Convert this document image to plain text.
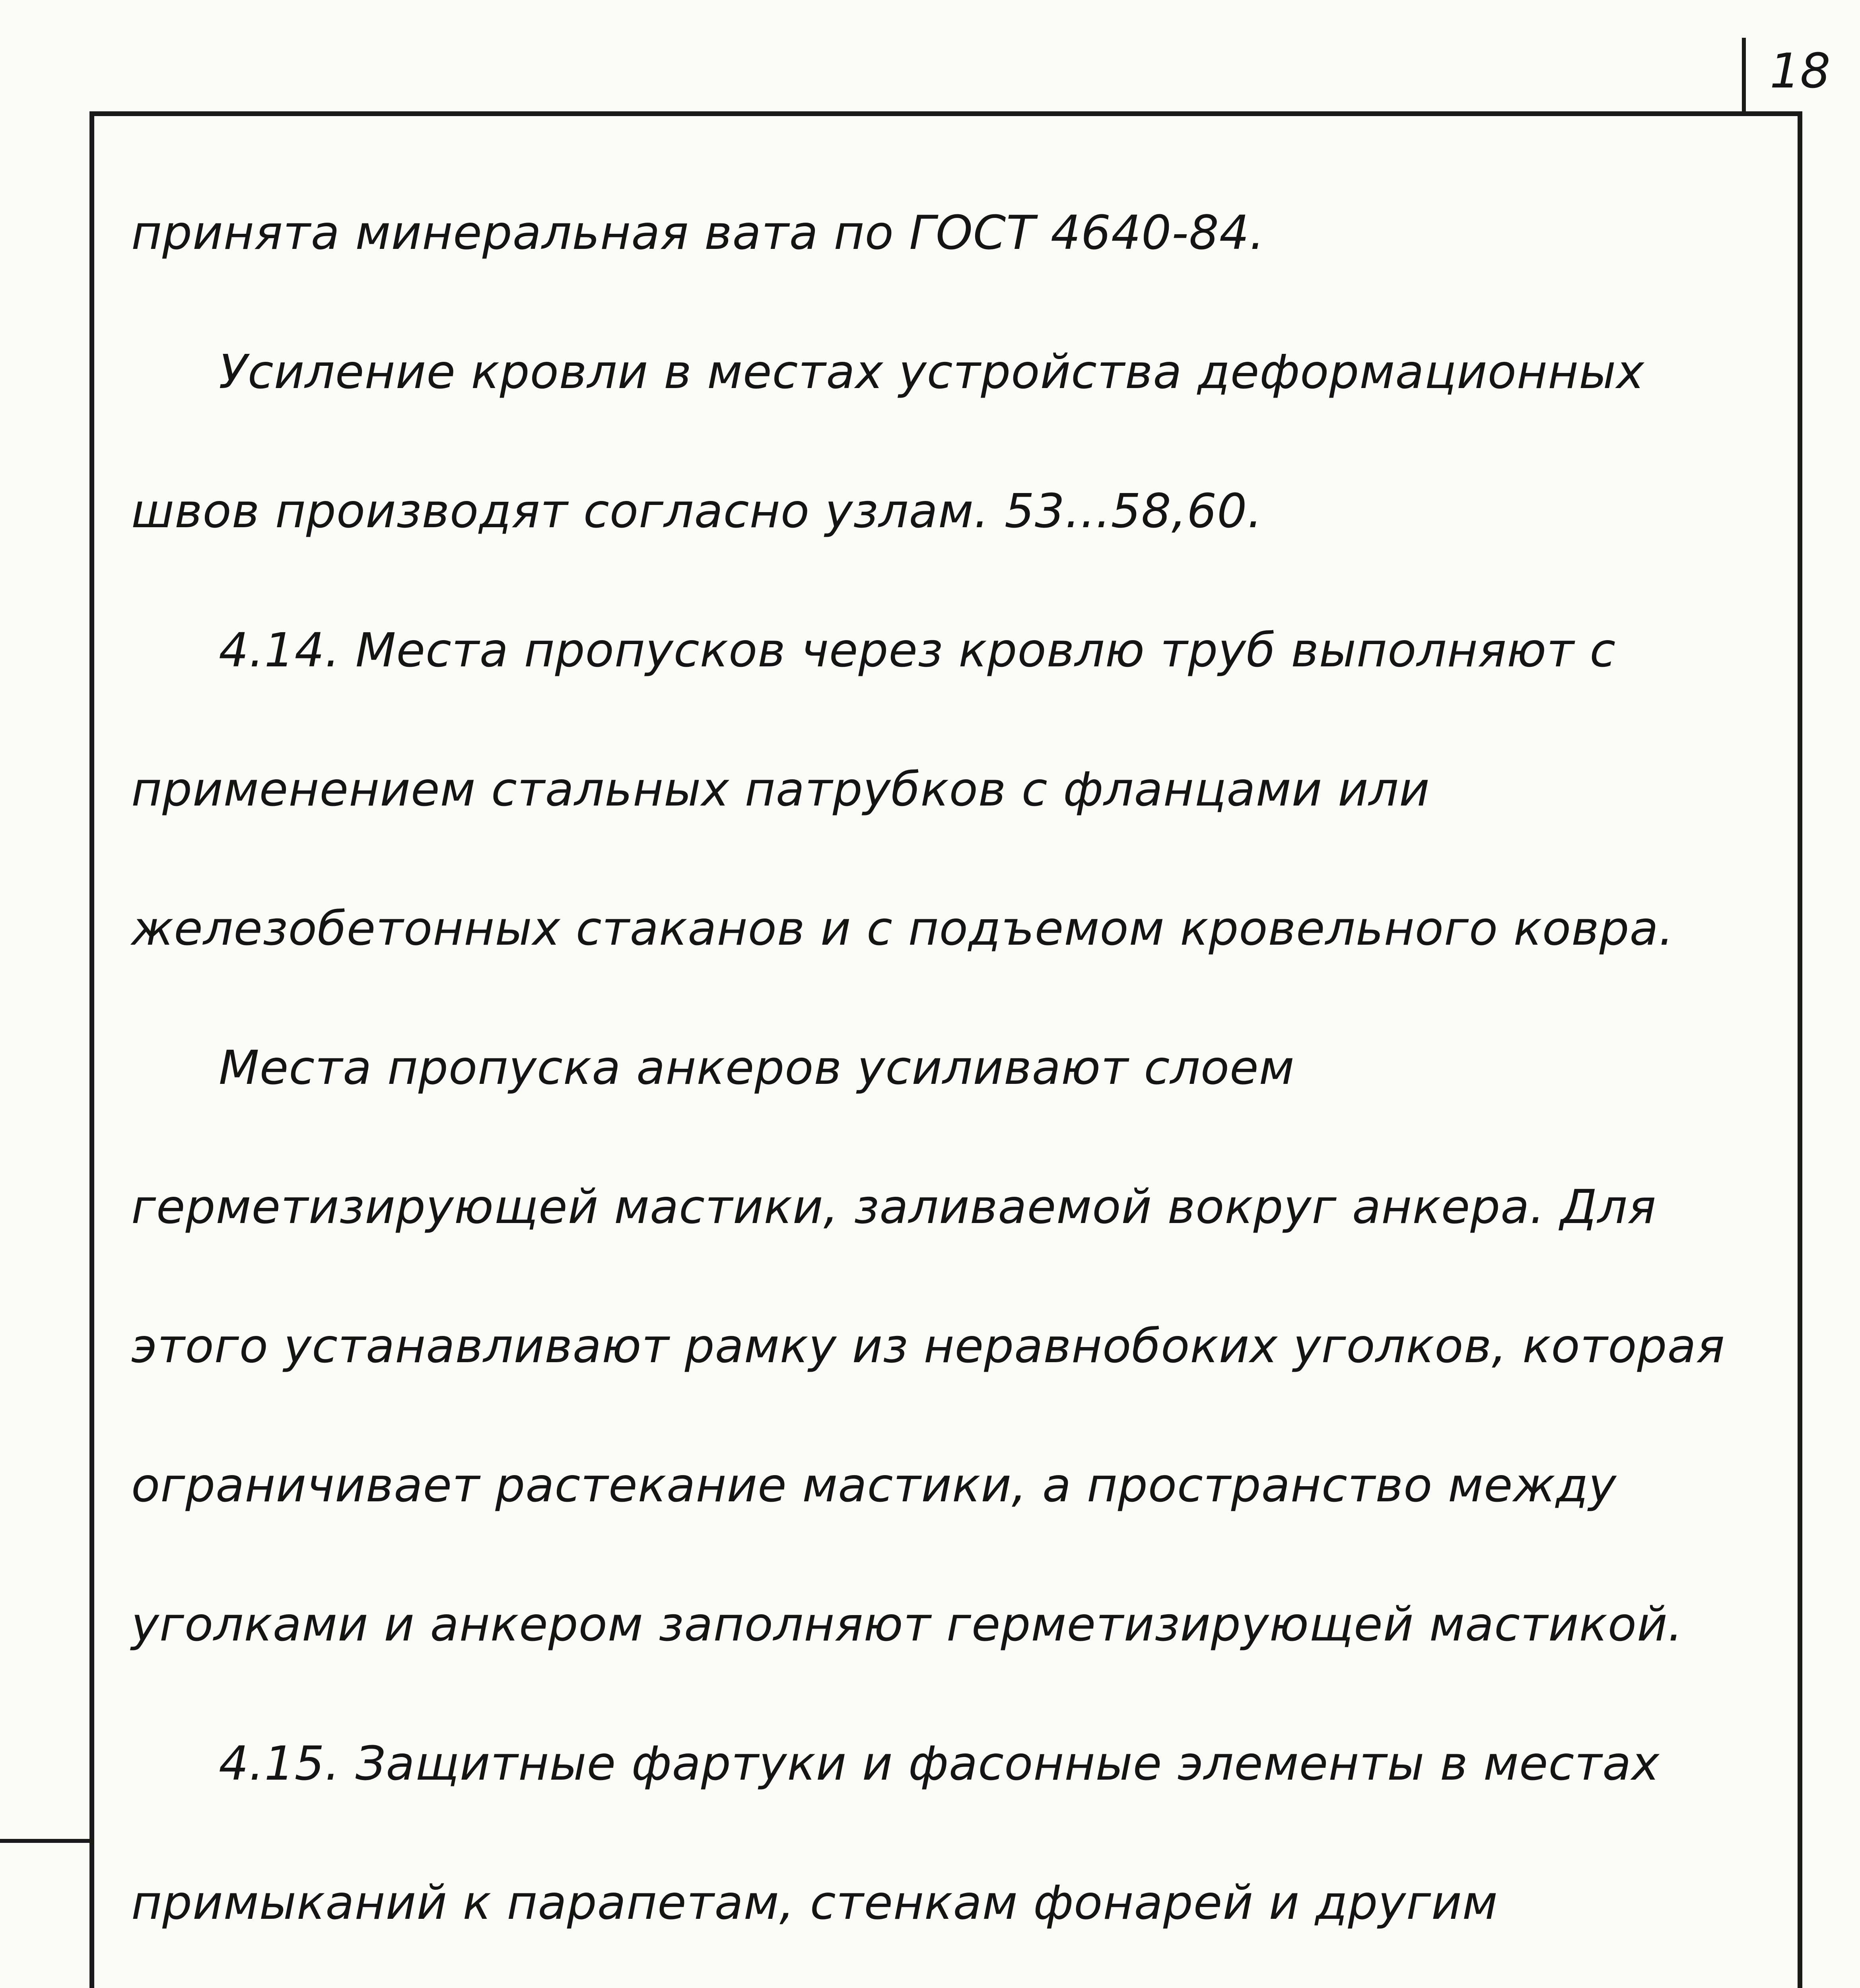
18

принята минеральная вата по ГОСТ 4640-84.

Усиление кровли в местах устройства деформационных швов производят согласно узлам. 53...58,60.

4.14. Места пропусков через кровлю труб выполняют с применением стальных патрубков с фланцами или железобетонных стаканов и с подъемом кровельного ковра.

Места пропуска анкеров усиливают слоем герметизирующей мастики, заливаемой вокруг анкера. Для этого устанавливают рамку из неравнобоких уголков, которая ограничивает растекание мастики, а пространство между уголками и анкером заполняют герметизирующей мастикой.

4.15. Защитные фартуки и фасонные элементы в местах примыканий к парапетам, стенкам фонарей и другим
